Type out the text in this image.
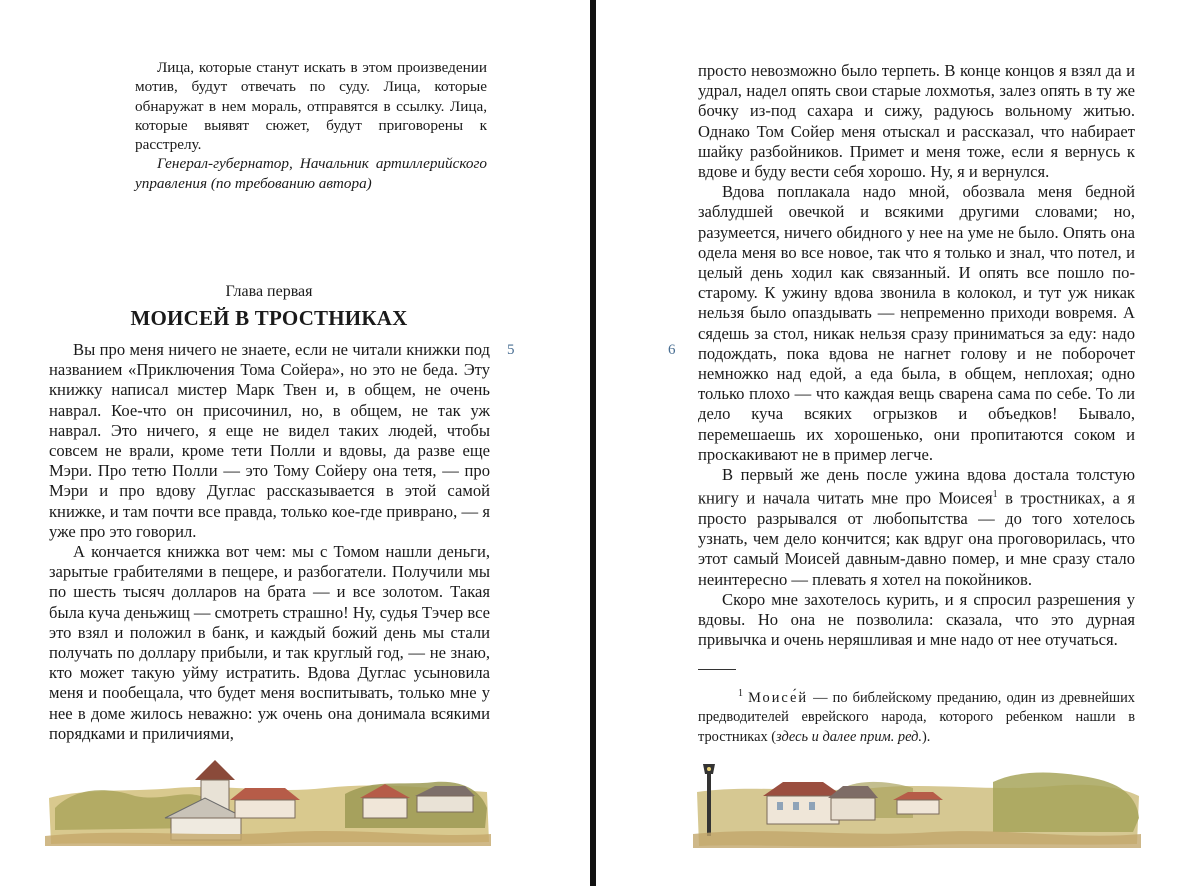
Лица, которые станут искать в этом произведении мотив, будут отвечать по суду. Лица, которые обнаружат в нем мораль, отправятся в ссылку. Лица, которые выявят сюжет, будут приговорены к расстрелу.

Генерал-губернатор, Начальник артиллерийского управления (по требованию автора)

Глава первая
МОИСЕЙ В ТРОСТНИКАХ
5

Вы про меня ничего не знаете, если не читали книжки под названием «Приключения Тома Сойера», но это не беда. Эту книжку написал мистер Марк Твен и, в общем, не очень наврал. Кое-что он присочинил, но, в общем, не так уж наврал. Это ничего, я еще не видел таких людей, чтобы совсем не врали, кроме тети Полли и вдовы, да разве еще Мэри. Про тетю Полли — это Тому Сойеру она тетя, — про Мэри и про вдову Дуглас рассказывается в этой самой книжке, и там почти все правда, только кое-где приврано, — я уже про это говорил.

А кончается книжка вот чем: мы с Томом нашли деньги, зарытые грабителями в пещере, и разбогатели. Получили мы по шесть тысяч долларов на брата — и все золотом. Такая была куча деньжищ — смотреть страшно! Ну, судья Тэчер все это взял и положил в банк, и каждый божий день мы стали получать по доллару прибыли, и так круглый год, — не знаю, кто может такую уйму истратить. Вдова Дуглас усыновила меня и пообещала, что будет меня воспитывать, только мне у нее в доме жилось неважно: уж очень она донимала всякими порядками и приличиями,

6

просто невозможно было терпеть. В конце концов я взял да и удрал, надел опять свои старые лохмотья, залез опять в ту же бочку из-под сахара и сижу, радуюсь вольному житью. Однако Том Сойер меня отыскал и рассказал, что набирает шайку разбойников. Примет и меня тоже, если я вернусь к вдове и буду вести себя хорошо. Ну, я и вернулся.

Вдова поплакала надо мной, обозвала меня бедной заблудшей овечкой и всякими другими словами; но, разумеется, ничего обидного у нее на уме не было. Опять она одела меня во все новое, так что я только и знал, что потел, и целый день ходил как связанный. И опять все пошло по-старому. К ужину вдова звонила в колокол, и тут уж никак нельзя было опаздывать — непременно приходи вовремя. А сядешь за стол, никак нельзя сразу приниматься за еду: надо подождать, пока вдова не нагнет голову и не поборочет немножко над едой, а еда была, в общем, неплохая; одно только плохо — что каждая вещь сварена сама по себе. То ли дело куча всяких огрызков и объедков! Бывало, перемешаешь их хорошенько, они пропитаются соком и проскакивают не в пример легче.

В первый же день после ужина вдова достала толстую книгу и начала читать мне про Моисея$^1$ в тростниках, а я просто разрывался от любопытства — до того хотелось узнать, чем дело кончится; как вдруг она проговорилась, что этот самый Моисей давным-давно помер, и мне сразу стало неинтересно — плевать я хотел на покойников.

Скоро мне захотелось курить, и я спросил разрешения у вдовы. Но она не позволила: сказала, что это дурная привычка и очень неряшливая и мне надо от нее отучаться.

$^1$ Моисе́й — по библейскому преданию, один из древнейших предводителей еврейского народа, которого ребенком нашли в тростниках (здесь и далее прим. ред.).
